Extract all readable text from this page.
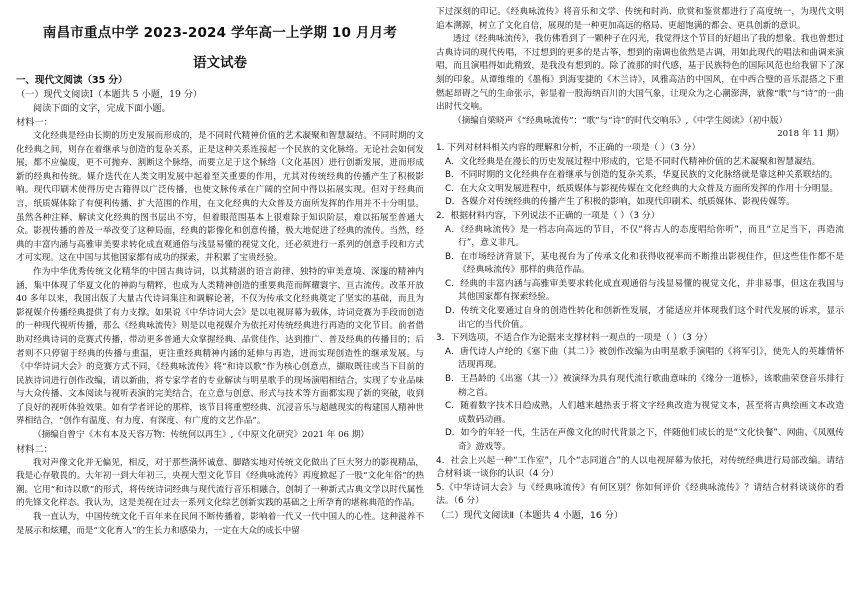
南昌市重点中学 2023-2024 学年高一上学期 10 月月考
语文试卷
一、现代文阅读（35 分）
（一）现代文阅读Ⅰ（本题共 5 小题，19 分）
阅读下面的文字，完成下面小题。
材料一：

文化经典是经由长期的历史发展而形成的，是不同时代精神价值的艺术凝聚和智慧凝结。不同时期的文化经典之间，则存在着继承与创造的复杂关系，正是这种关系连接起一个民族的文化脉络。无论社会如何发展，都不应偏废，更不可抛弃、割断这个脉络，而要立足于这个脉络（文化基因）进行创新发展，进而形成新的经典和传统。媒介迭代在人类文明发展中起着至关重要的作用，尤其对传统经典的传播产生了积极影响。现代印刷术使得历史古籍得以广泛传播，也使文脉传承在广阔的空间中得以拓展实现。但对于经典而言，纸质媒体除了有便利传播、扩大范围的作用，在文化经典的大众普及方面所发挥的作用并不十分明显。虽然各种注释、解读文化经典的图书层出不穷，但着眼范围基本上很难除于知识阶层，难以拓展至普通大众。影视传播的普及一举改变了这种局面，经典的影像化和创意传播，极大地促进了经典的流传。当然，经典的丰富内涵与高雅审美要求转化成直观通俗与浅显易懂的视觉文化，还必须进行一系列的创意手段和方式才可实现。这在中国与其他国家都有成功的探索，并积累了宝贵经验。

作为中华优秀传统文化精华的中国古典诗词，以其精湛的语言韵律、独特的审美意境、深邃的精神内涵，集中体现了华夏文化的神韵与精粹，也成为人类精神创造的重要典范而辉耀寰宇、亘古流传。改革开放 40 多年以来，我国出版了大量古代诗词集注和调解论著，不仅为传承文化经典奠定了坚实的基础，而且为影视媒介传播经典提供了有力支撑。如果说《中华诗词大会》是以电视屏幕为载体，诗词竞赛为手段而创造的一种现代视听传播，那么《经典咏流传》则是以电视媒介为依托对传统经典进行再造的文化节目。前者借助对经典诗词的竞赛式传播，带动更多普通大众掌握经典、品赏佳作，达到推广、普及经典的传播目的；后者则不只停留于经典的传播与重温，更注重经典精神内涵的延伸与再造，进而实现创造性的继承发展。与《中华诗词大会》的竞赛方式不同，《经典咏流传》将“和诗以歌”作为核心创意点，撷取既往或当下目前的民族诗词进行创作改编，请以新曲，将专家学者的专业解读与明星歌手的现场演唱相结合，实现了专业品味与大众传播、文本阅读与视听表演的完美结合，在立意与创意、形式与技术等方面都实现了新的突破，收到了良好的视听体验效果。如有学者评论的那样，该节目将重塑经典、沉浸音乐与超越现实的构建国人精神世界相结合，“创作有温度、有力度、有深度、有广度的文艺作品”。

（摘编自曾宁《木有本及天容万物：传统何以再生》,《中原文化研究》2021 年 06 期）
材料二：

我对声像文化并无偏见，相反，对于那些满怀诚意、脚踏实地对传统文化做出了巨大努力的影视精品，我是心存敬畏的。大年初一到大年初三，央视大型文化节目《经典咏流传》再度掀起了一股“文化年俗”的热潮。它用“和诗以歌”的形式，将传统诗词经典与现代流行音乐相融合，创制了一种新式古典文学以时代属性的先锋文化样态。我认为，这是美视在过去一系列文化综艺创新实践的基础之上所孕育的堪称典范的作品。

我一直认为，中国传统文化千百年来在民间不断传播着，影响着一代又一代中国人的心性。这种滋养不是展示和炫耀，而是“文化育人”的生长力和感染力，一定在大众的成长中留

下过深刻的印记。《经典咏流传》将音乐和文学、传统和时尚、欣赏和鉴赏都进行了高度统一，为现代文明追本溯源，树立了文化自信，展现的是一种更加高远的格局、更超饱满的都会、更具创新的意识。

透过《经典咏流传》，我仿佛看到了一颗种子在闪光，我觉得这个节目的好超出了我的想象。我也曾想过古典诗词的现代传唱，不过想到的更多的是古筝，想到的南调也依然是古调，用如此现代的唱法和曲调来演唱，而且演唱得如此精致，是我没有想到的。除了流那的时代感，基于民族特色的国际风范也给我留下了深刻的印象。从谭维维的《墨梅》到海雯捷的《木兰诗》，风雅高洁的中国风，在中西合璧的音乐混搭之下重燃起昂碍之气的生命张示，彰显着一股海纳百川的大国气象，让现众为之心潮澎湃，就像“歌”与“诗”的一曲出时代交响。

（摘编自梁晓声《“经典咏流传”：“歌”与“诗”的时代交响乐》,《中学生阅读》（初中版）
2018 年 11 期）
1. 下列对材料相关内容的理解和分析，不正确的一项是（ ）（3 分）
A．文化经典是在漫长的历史发展过程中形成的，它是不同时代精神价值的艺术凝聚和智慧凝结。
B．不同时期的文化经典存在着继承与创造的复杂关系，华夏民族的文化脉络就是靠这种关系联结的。
C．在大众文明发展进程中，纸质媒体与影视传媒在文化经典的大众普及方面所发挥的作用十分明显。
D．各媒介对传统经典的传播产生了积极的影响，如现代印刷术、纸质媒体、影视传媒等。
2．根据材料内容，下列说法不正确的一项是（ ）（3 分）
A．《经典咏流传》是一档志向高远的节目，不仅“将古人的态度唱给你听”，而且“立足当下，再造流行”，意义非凡。
B．在市场经济背景下，某电视台为了传承文化和获得收视率而不断推出影视佳作，但这些佳作都不是《经典咏流传》那样的典范作品。
C．经典的丰富内涵与高雅审美要求转化成直观通俗与浅显易懂的视觉文化，并非易事，但这在我国与其他国家都有探索经验。
D．传统文化要通过自身的创造性转化和创新性发展，才能适应并体现我们这个时代发展的诉求，显示出它的当代价值。
3．下列选项，不适合作为论据来支撑材料一观点的一项是（ ）（3 分）
A．唐代诗人卢纶的《塞下曲（其二）》被创作改编为由明星歌手演唱的《将军引》，使先人的英雄情怀活现再现。
B．王昌龄的《出塞（其一）》被演绎为具有现代流行歌曲意味的《缘分一道桥》，该歌曲荣登音乐排行榜之首。
C．随着数字技术日趋成熟，人们越来越热衷于将文字经典改造为视觉文本，甚至将古典绘画文本改造成数码动画。
D．如今的年轻一代，生活在声像文化的时代背景之下，伴随他们成长的是“文化快餐”、网曲、《凤凰传奇》游戏等。
4．社会上兴起一种“工作室”，几个“志同道合”的人以电视屏幕为依托，对传统经典进行局部改编。请结合材料谈一谈你的认识（4 分）
5.《中华诗词大会》与《经典咏流传》有何区别？你如何评价《经典咏流传》？请结合材料谈谈你的看法。（6 分）
（二）现代文阅读Ⅱ（本题共 4 小题，16 分）
